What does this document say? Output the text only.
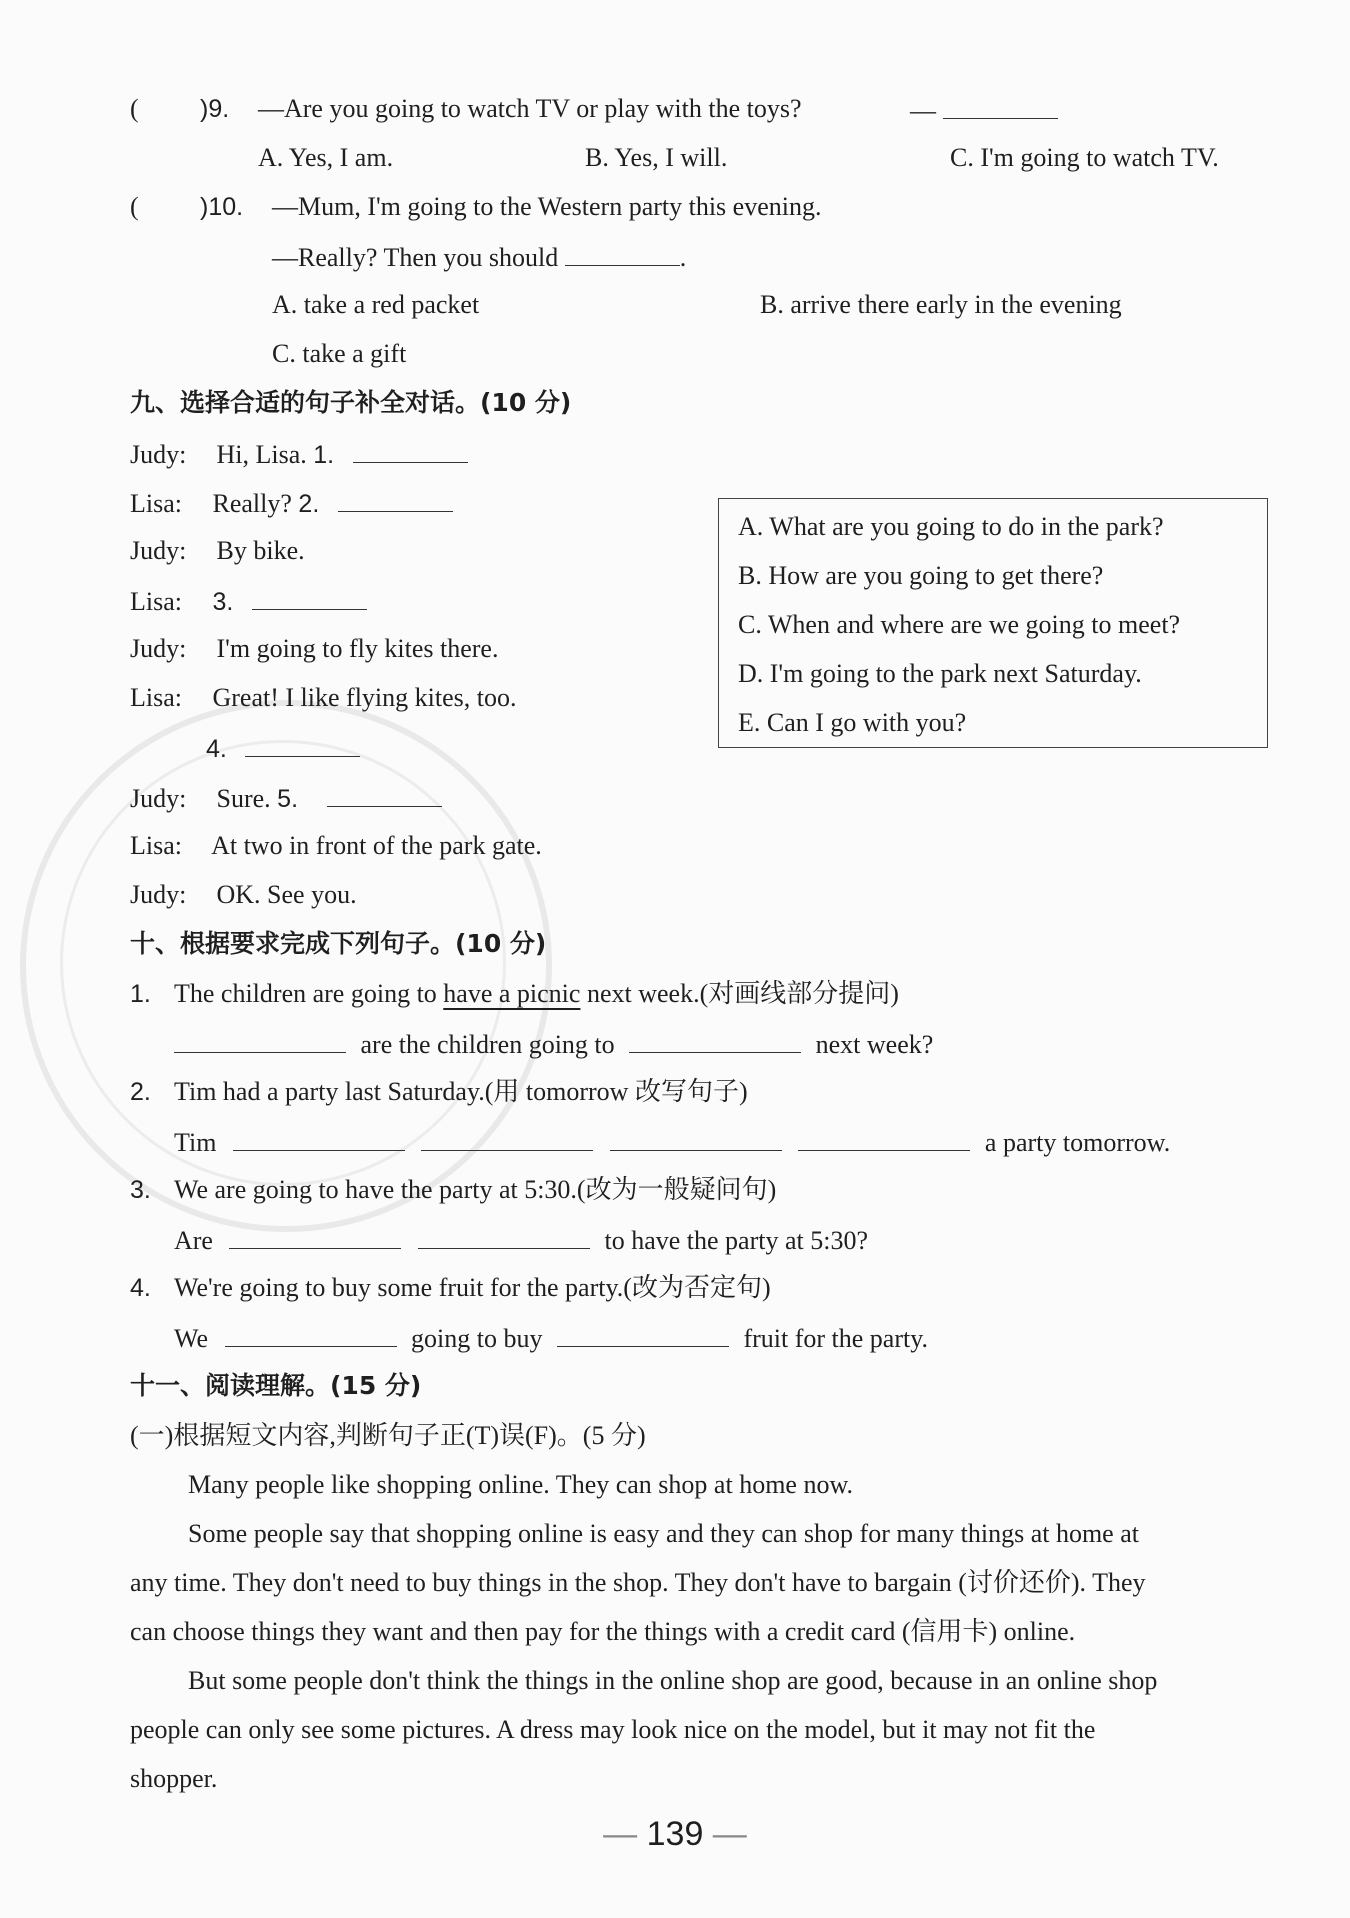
( )9. —Are you going to watch TV or play with the toys?	—
A. Yes, I am.	B. Yes, I will.	C. I'm going to watch TV.
( )10. —Mum, I'm going to the Western party this evening.
—Really? Then you should	.
A. take a red packet	B. arrive there early in the evening
C. take a gift
九、选择合适的句子补全对话。(10 分)
Judy: Hi, Lisa. 1.
Lisa: Really? 2.
Judy: By bike.
Lisa: 3.
Judy: I'm going to fly kites there.
Lisa: Great! I like flying kites, too.
4.
Judy: Sure. 5.
Lisa: At two in front of the park gate.
Judy: OK. See you.
A. What are you going to do in the park?
B. How are you going to get there?
C. When and where are we going to meet?
D. I'm going to the park next Saturday.
E. Can I go with you?
十、根据要求完成下列句子。(10 分)
1. The children are going to have a picnic next week.(对画线部分提问)
are the children going to	next week?
2. Tim had a party last Saturday.(用 tomorrow 改写句子)
Tim	a party tomorrow.
3. We are going to have the party at 5:30.(改为一般疑问句)
Are	to have the party at 5:30?
4. We're going to buy some fruit for the party.(改为否定句)
We	going to buy	fruit for the party.
十一、阅读理解。(15 分)
(一)根据短文内容,判断句子正(T)误(F)。(5 分)
Many people like shopping online. They can shop at home now.
Some people say that shopping online is easy and they can shop for many things at home at
any time. They don't need to buy things in the shop. They don't have to bargain (讨价还价). They
can choose things they want and then pay for the things with a credit card (信用卡) online.
But some people don't think the things in the online shop are good, because in an online shop
people can only see some pictures. A dress may look nice on the model, but it may not fit the
shopper.
— 139 —
